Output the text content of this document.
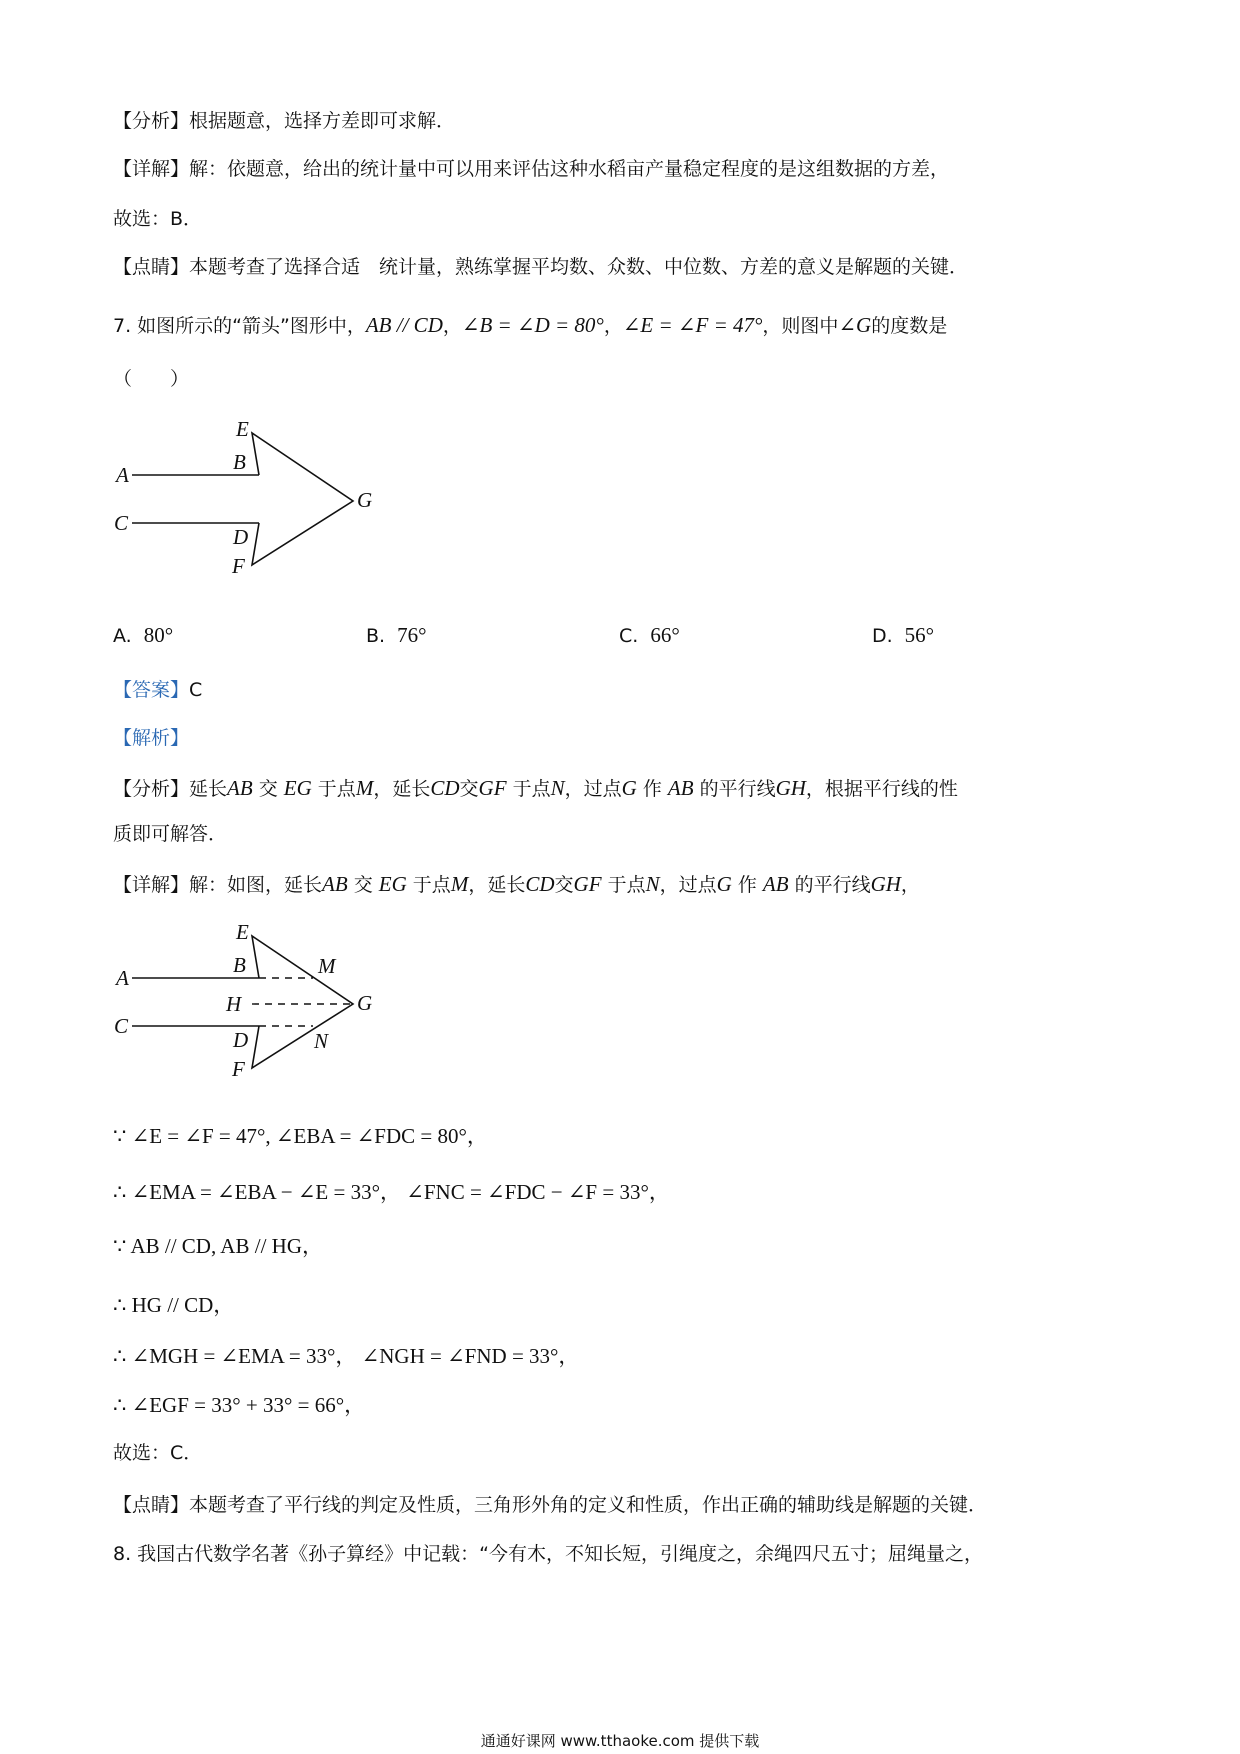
【分析】根据题意，选择方差即可求解．
【详解】解：依题意，给出的统计量中可以用来评估这种水稻亩产量稳定程度的是这组数据的方差，
故选：B．
【点睛】本题考查了选择合适　统计量，熟练掌握平均数、众数、中位数、方差的意义是解题的关键．
7. 如图所示的“箭头”图形中，AB // CD，∠B = ∠D = 80°，∠E = ∠F = 47°，则图中∠G的度数是
（　　）
A
B
C
D
E
F
G
A. 80°	B. 76°	C. 66°	D. 56°
【答案】C
【解析】
【分析】延长AB 交 EG 于点M，延长CD交GF 于点N，过点G 作 AB 的平行线GH，根据平行线的性
质即可解答．
【详解】解：如图，延长AB 交 EG 于点M，延长CD交GF 于点N，过点G 作 AB 的平行线GH，
A
B
C
D
E
F
G
H
M
N
∵ ∠E = ∠F = 47°, ∠EBA = ∠FDC = 80°，
∴ ∠EMA = ∠EBA − ∠E = 33°， ∠FNC = ∠FDC − ∠F = 33°，
∵ AB // CD, AB // HG，
∴ HG // CD，
∴ ∠MGH = ∠EMA = 33°， ∠NGH = ∠FND = 33°，
∴ ∠EGF = 33° + 33° = 66°，
故选：C．
【点睛】本题考查了平行线的判定及性质，三角形外角的定义和性质，作出正确的辅助线是解题的关键．
8. 我国古代数学名著《孙子算经》中记载：“今有木，不知长短，引绳度之，余绳四尺五寸；屈绳量之，
通通好课网 www.tthaoke.com 提供下载
